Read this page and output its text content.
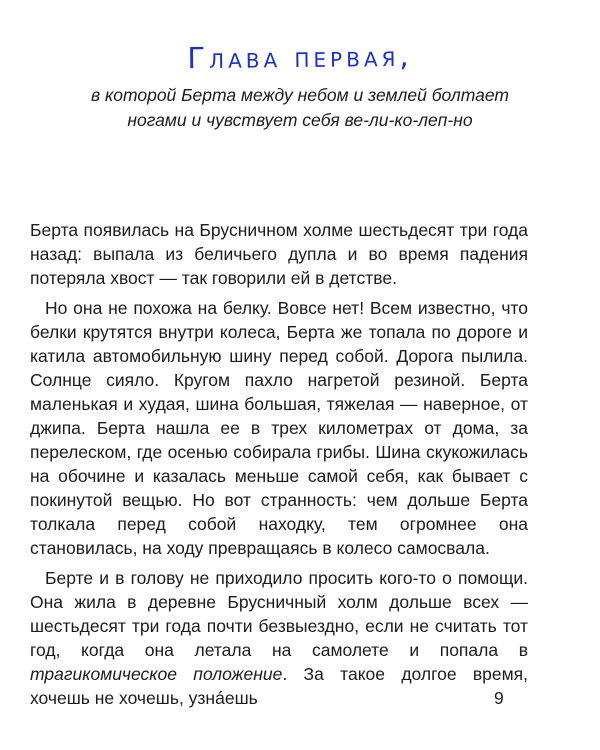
Глава первая,
в которой Берта между небом и землей болтает
ногами и чувствует себя ве-ли-ко-леп-но

Берта появилась на Брусничном холме шестьдесят три года назад: выпала из беличьего дупла и во время падения потеряла хвост — так говорили ей в детстве.

Но она не похожа на белку. Вовсе нет! Всем известно, что белки крутятся внутри колеса, Берта же топала по дороге и катила автомобильную шину перед собой. Дорога пылила. Солнце сияло. Кругом пахло нагретой резиной. Берта маленькая и худая, шина большая, тяжелая — наверное, от джипа. Берта нашла ее в трех километрах от дома, за перелеском, где осенью собирала грибы. Шина скукожилась на обочине и казалась меньше самой себя, как бывает с покинутой вещью. Но вот странность: чем дольше Берта толкала перед собой находку, тем огромнее она становилась, на ходу превращаясь в колесо самосвала.

Берте и в голову не приходило просить кого-то о помощи. Она жила в деревне Брусничный холм дольше всех — шестьдесят три года почти безвыездно, если не считать тот год, когда она летала на самолете и попала в трагикомическое положение. За такое долгое время, хочешь не хочешь, узнáешь	9
